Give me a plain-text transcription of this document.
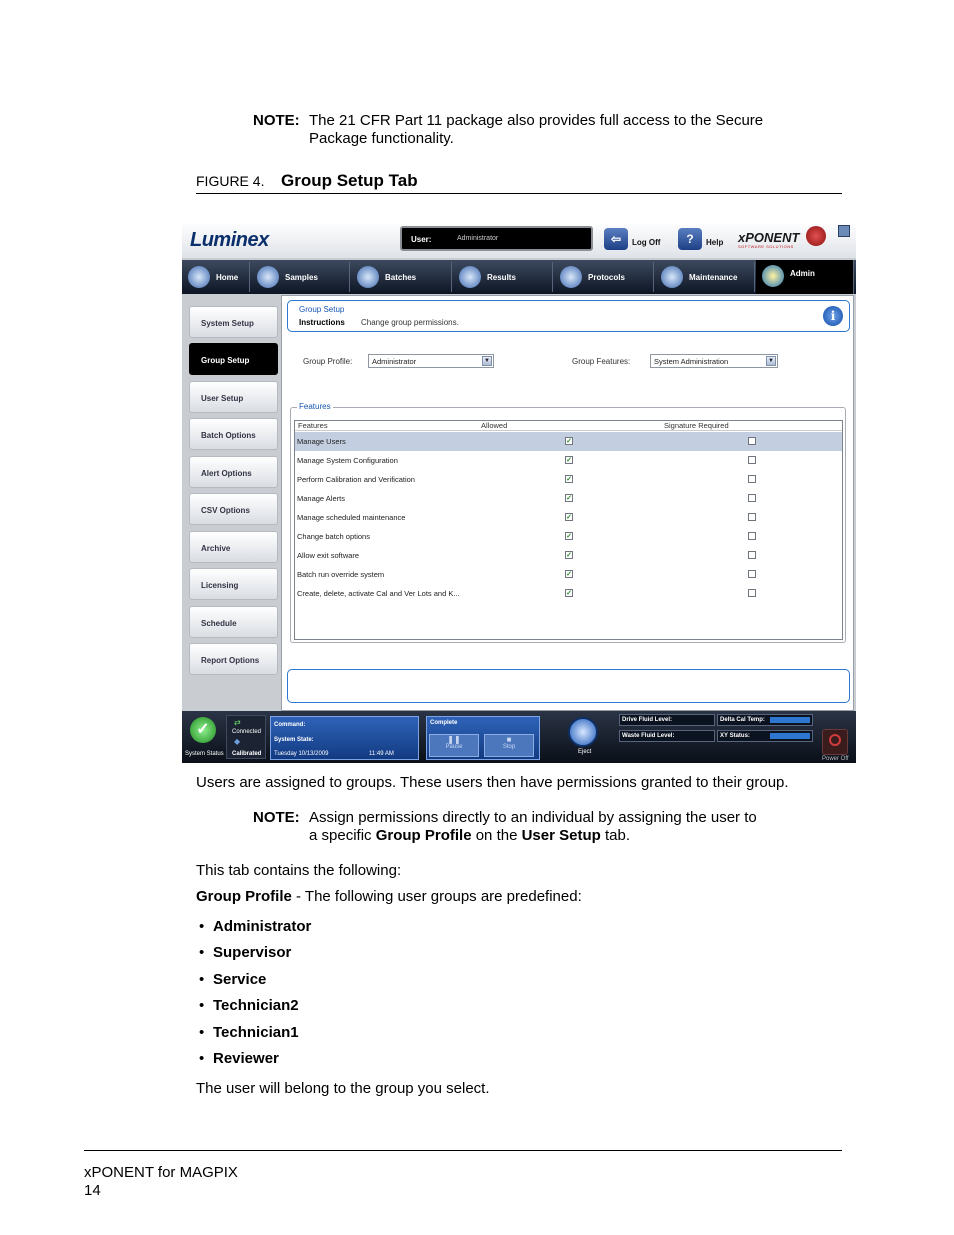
NOTE: The 21 CFR Part 11 package also provides full access to the Secure
Package functionality.
FIGURE 4. Group Setup Tab
Luminex	User:	Administrator	⇦	Log Off	?	Help xPONENT
SOFTWARE SOLUTIONS
Home	Samples	Batches	Results	Protocols	Maintenance	Admin
System Setup
Group Setup
User Setup
Batch Options
Alert Options
CSV Options
Archive
Licensing
Schedule
Report Options
Group Setup
Instructions Change group permissions.	i
Group Profile:	Administrator	▼	Group Features:	System Administration	▼
Features
Features	Allowed	Signature Required
Manage Users	✓
Manage System Configuration	✓
Perform Calibration and Verification	✓
Manage Alerts	✓
Manage scheduled maintenance	✓
Change batch options	✓
Allow exit software	✓
Batch run override system	✓
Create, delete, activate Cal and Ver Lots and K...	✓
✓
System Status
⇄
Connected
◆
Calibrated
Command:
System State:
Tuesday 10/13/2009	11:49 AM
Complete
❚❚
Pause
■
Stop
Eject
Drive Fluid Level:
Waste Fluid Level:
Delta Cal Temp:
XY Status:
Power Off
Users are assigned to groups. These users then have permissions granted to their group.
NOTE: Assign permissions directly to an individual by assigning the user to
a specific Group Profile on the User Setup tab.
This tab contains the following:
Group Profile - The following user groups are predefined:
• Administrator
• Supervisor
• Service
• Technician2
• Technician1
• Reviewer
The user will belong to the group you select.
xPONENT for MAGPIX
14
